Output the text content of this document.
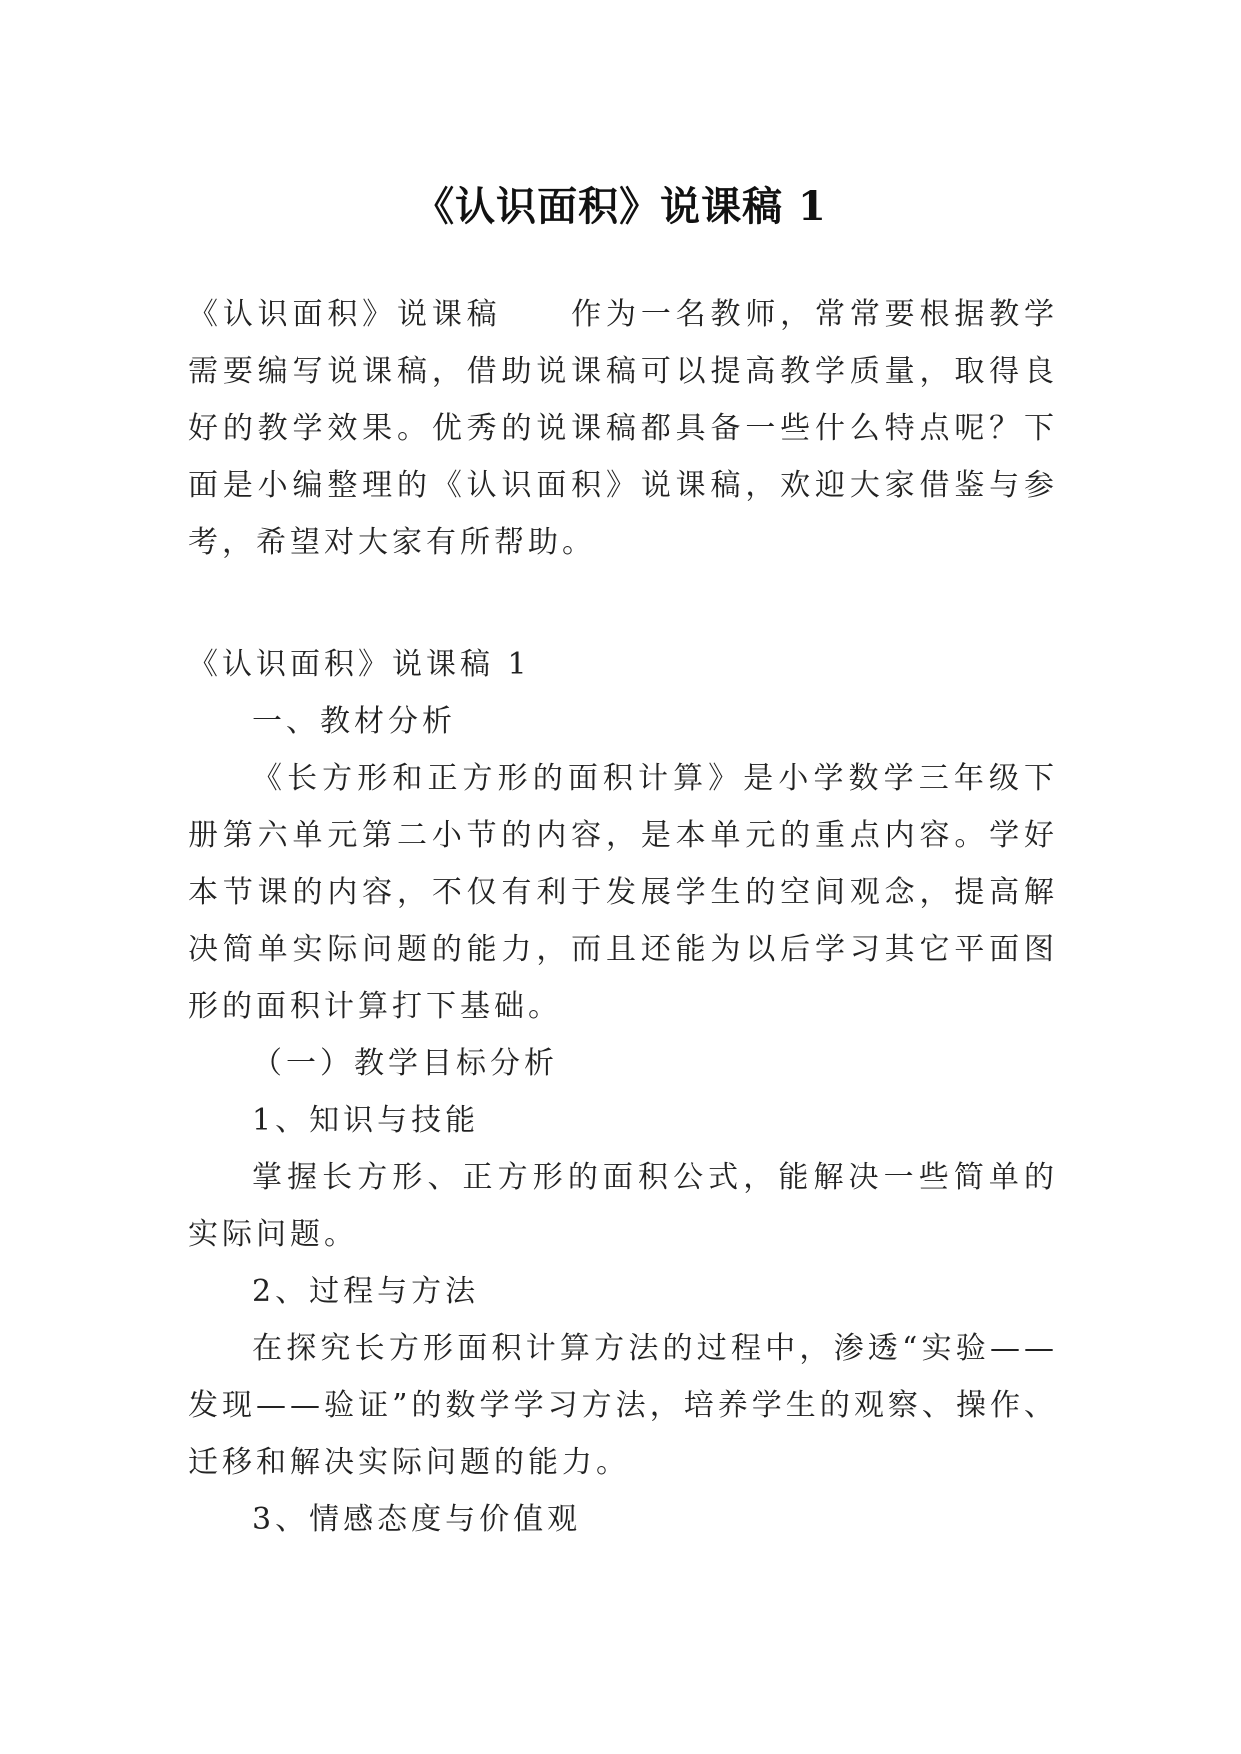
《认识面积》说课稿 1

《认识面积》说课稿　　作为一名教师，常常要根据教学需要编写说课稿，借助说课稿可以提高教学质量，取得良好的教学效果。优秀的说课稿都具备一些什么特点呢？下面是小编整理的《认识面积》说课稿，欢迎大家借鉴与参考，希望对大家有所帮助。

《认识面积》说课稿 1

一、教材分析

《长方形和正方形的面积计算》是小学数学三年级下册第六单元第二小节的内容，是本单元的重点内容。学好本节课的内容，不仅有利于发展学生的空间观念，提高解决简单实际问题的能力，而且还能为以后学习其它平面图形的面积计算打下基础。

（一）教学目标分析

1、知识与技能

掌握长方形、正方形的面积公式，能解决一些简单的实际问题。

2、过程与方法

在探究长方形面积计算方法的过程中，渗透“实验——发现——验证”的数学学习方法，培养学生的观察、操作、迁移和解决实际问题的能力。

3、情感态度与价值观
